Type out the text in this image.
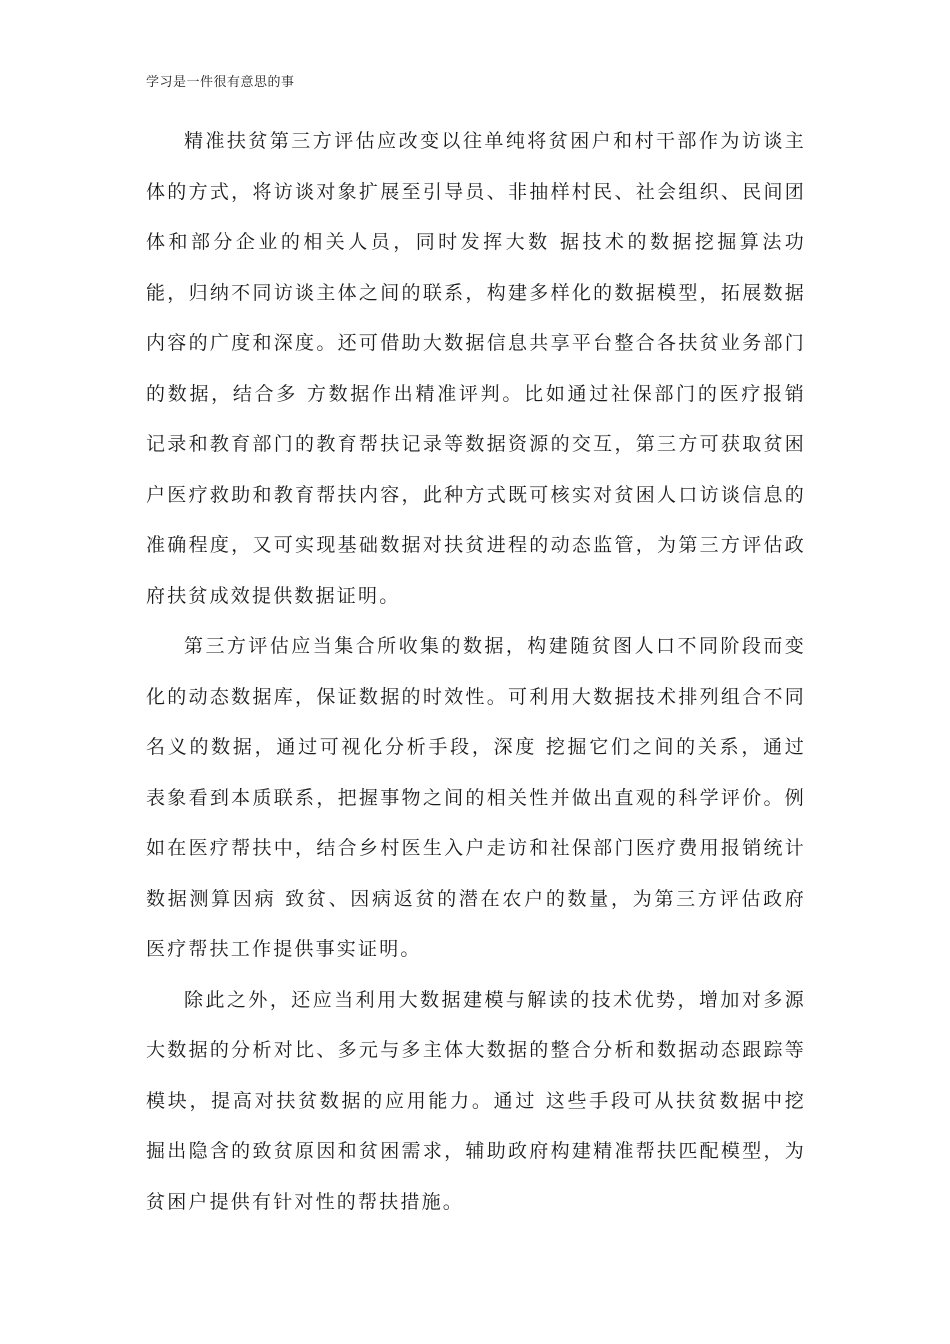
学习是一件很有意思的事

精准扶贫第三方评估应改变以往单纯将贫困户和村干部作为访谈主体的方式，将访谈对象扩展至引导员、非抽样村民、社会组织、民间团体和部分企业的相关人员，同时发挥大数 据技术的数据挖掘算法功能，归纳不同访谈主体之间的联系，构建多样化的数据模型，拓展数据内容的广度和深度。还可借助大数据信息共享平台整合各扶贫业务部门的数据，结合多 方数据作出精准评判。比如通过社保部门的医疗报销记录和教育部门的教育帮扶记录等数据资源的交互，第三方可获取贫困户医疗救助和教育帮扶内容，此种方式既可核实对贫困人口访谈信息的准确程度，又可实现基础数据对扶贫进程的动态监管，为第三方评估政府扶贫成效提供数据证明。

第三方评估应当集合所收集的数据，构建随贫图人口不同阶段而变化的动态数据库，保证数据的时效性。可利用大数据技术排列组合不同名义的数据，通过可视化分析手段，深度 挖掘它们之间的关系，通过表象看到本质联系，把握事物之间的相关性并做出直观的科学评价。例如在医疗帮扶中，结合乡村医生入户走访和社保部门医疗费用报销统计数据测算因病 致贫、因病返贫的潜在农户的数量，为第三方评估政府医疗帮扶工作提供事实证明。

除此之外，还应当利用大数据建模与解读的技术优势，增加对多源大数据的分析对比、多元与多主体大数据的整合分析和数据动态跟踪等模块，提高对扶贫数据的应用能力。通过 这些手段可从扶贫数据中挖掘出隐含的致贫原因和贫困需求，辅助政府构建精准帮扶匹配模型，为贫困户提供有针对性的帮扶措施。
